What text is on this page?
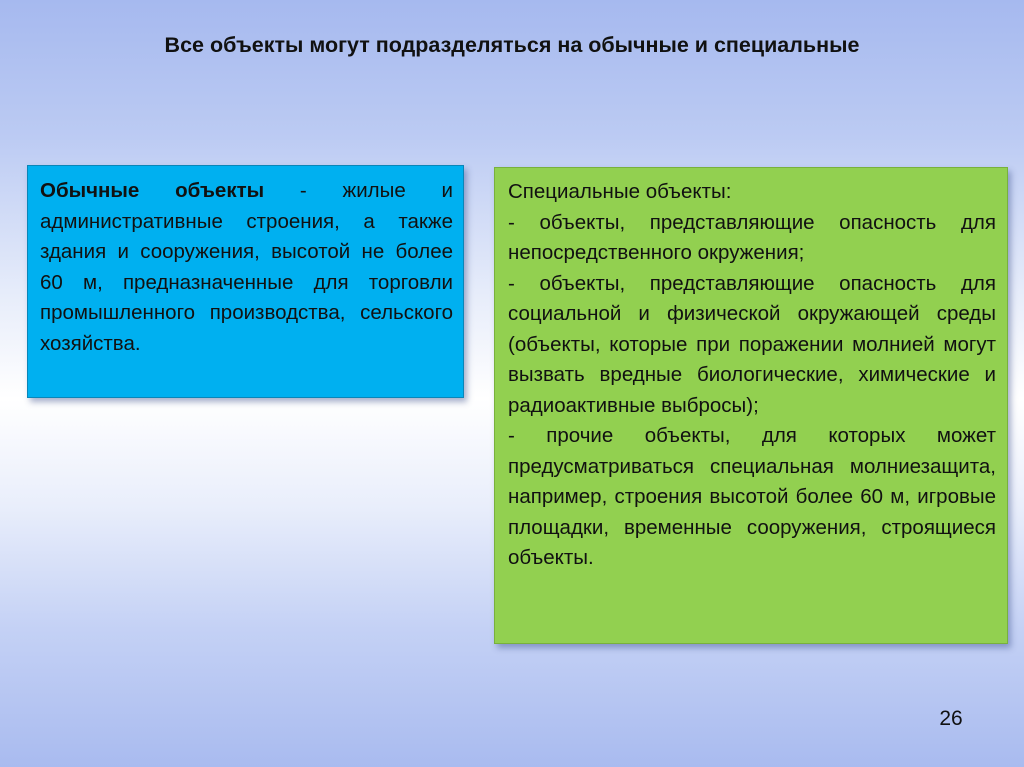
Все объекты могут подразделяться на обычные и специальные

Обычные объекты - жилые и административные строения, а также здания и сооружения, высотой не более 60 м, предназначенные для торговли промышленного производства, сельского хозяйства.

Специальные объекты:

- объекты, представляющие опасность для непосредственного окружения;

- объекты, представляющие опасность для социальной и физической окружающей среды (объекты, которые при поражении молнией могут вызвать вредные биологические, химические и радиоактивные выбросы);

- прочие объекты, для которых может предусматриваться специальная молниезащита, например, строения высотой более 60 м, игровые площадки, временные сооружения, строящиеся объекты.

26
